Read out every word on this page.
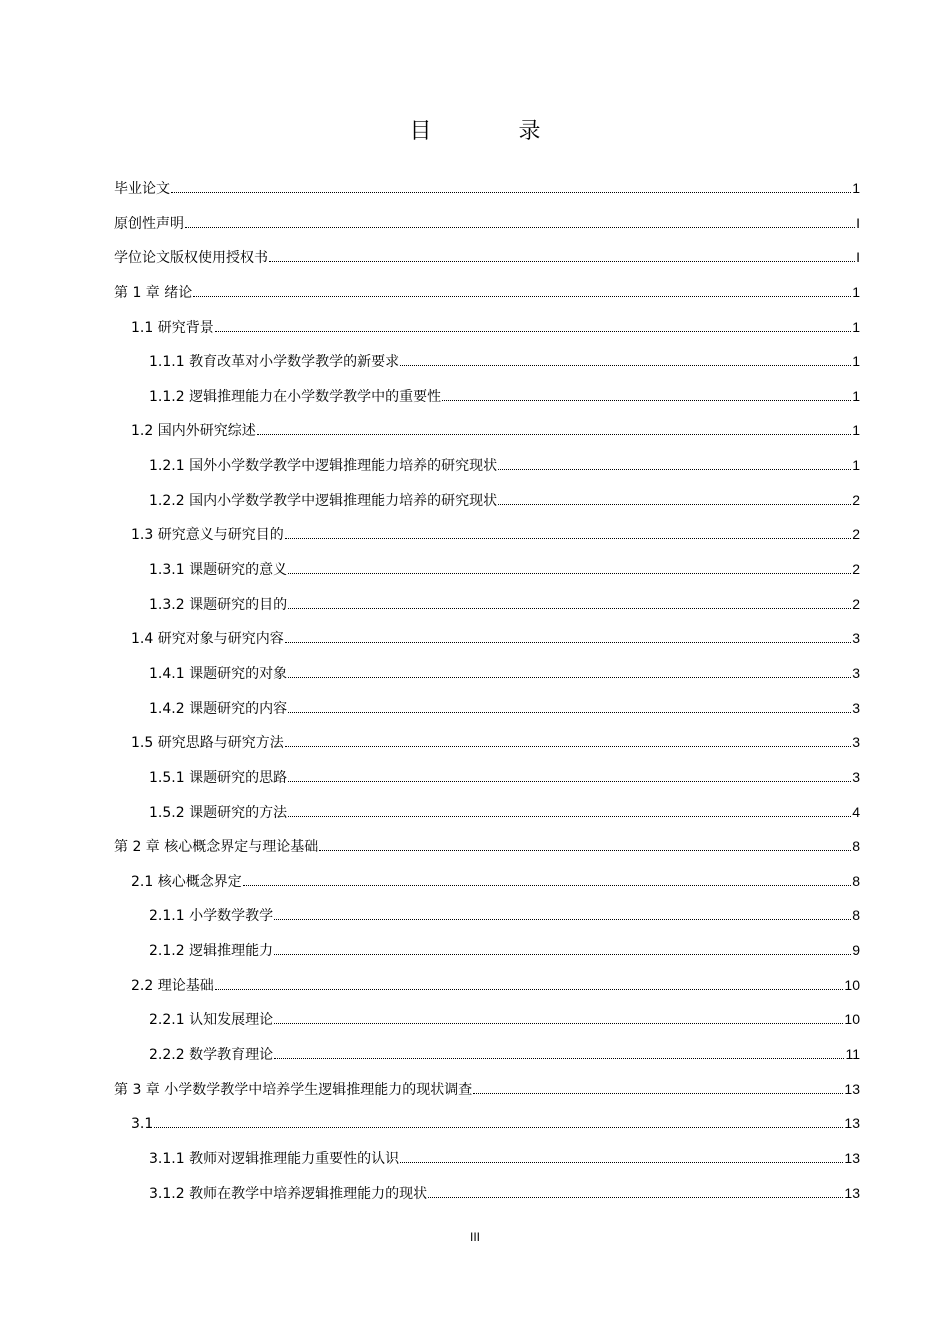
目 录
毕业论文	1
原创性声明	I
学位论文版权使用授权书	I
第 1 章 绪论	1
1.1 研究背景	1
1.1.1 教育改革对小学数学教学的新要求	1
1.1.2 逻辑推理能力在小学数学教学中的重要性	1
1.2 国内外研究综述	1
1.2.1 国外小学数学教学中逻辑推理能力培养的研究现状	1
1.2.2 国内小学数学教学中逻辑推理能力培养的研究现状	2
1.3 研究意义与研究目的	2
1.3.1 课题研究的意义	2
1.3.2 课题研究的目的	2
1.4 研究对象与研究内容	3
1.4.1 课题研究的对象	3
1.4.2 课题研究的内容	3
1.5 研究思路与研究方法	3
1.5.1 课题研究的思路	3
1.5.2 课题研究的方法	4
第 2 章 核心概念界定与理论基础	8
2.1 核心概念界定	8
2.1.1 小学数学教学	8
2.1.2 逻辑推理能力	9
2.2 理论基础	10
2.2.1 认知发展理论	10
2.2.2 数学教育理论	11
第 3 章 小学数学教学中培养学生逻辑推理能力的现状调查	13
3.1	13
3.1.1 教师对逻辑推理能力重要性的认识	13
3.1.2 教师在教学中培养逻辑推理能力的现状	13
III
